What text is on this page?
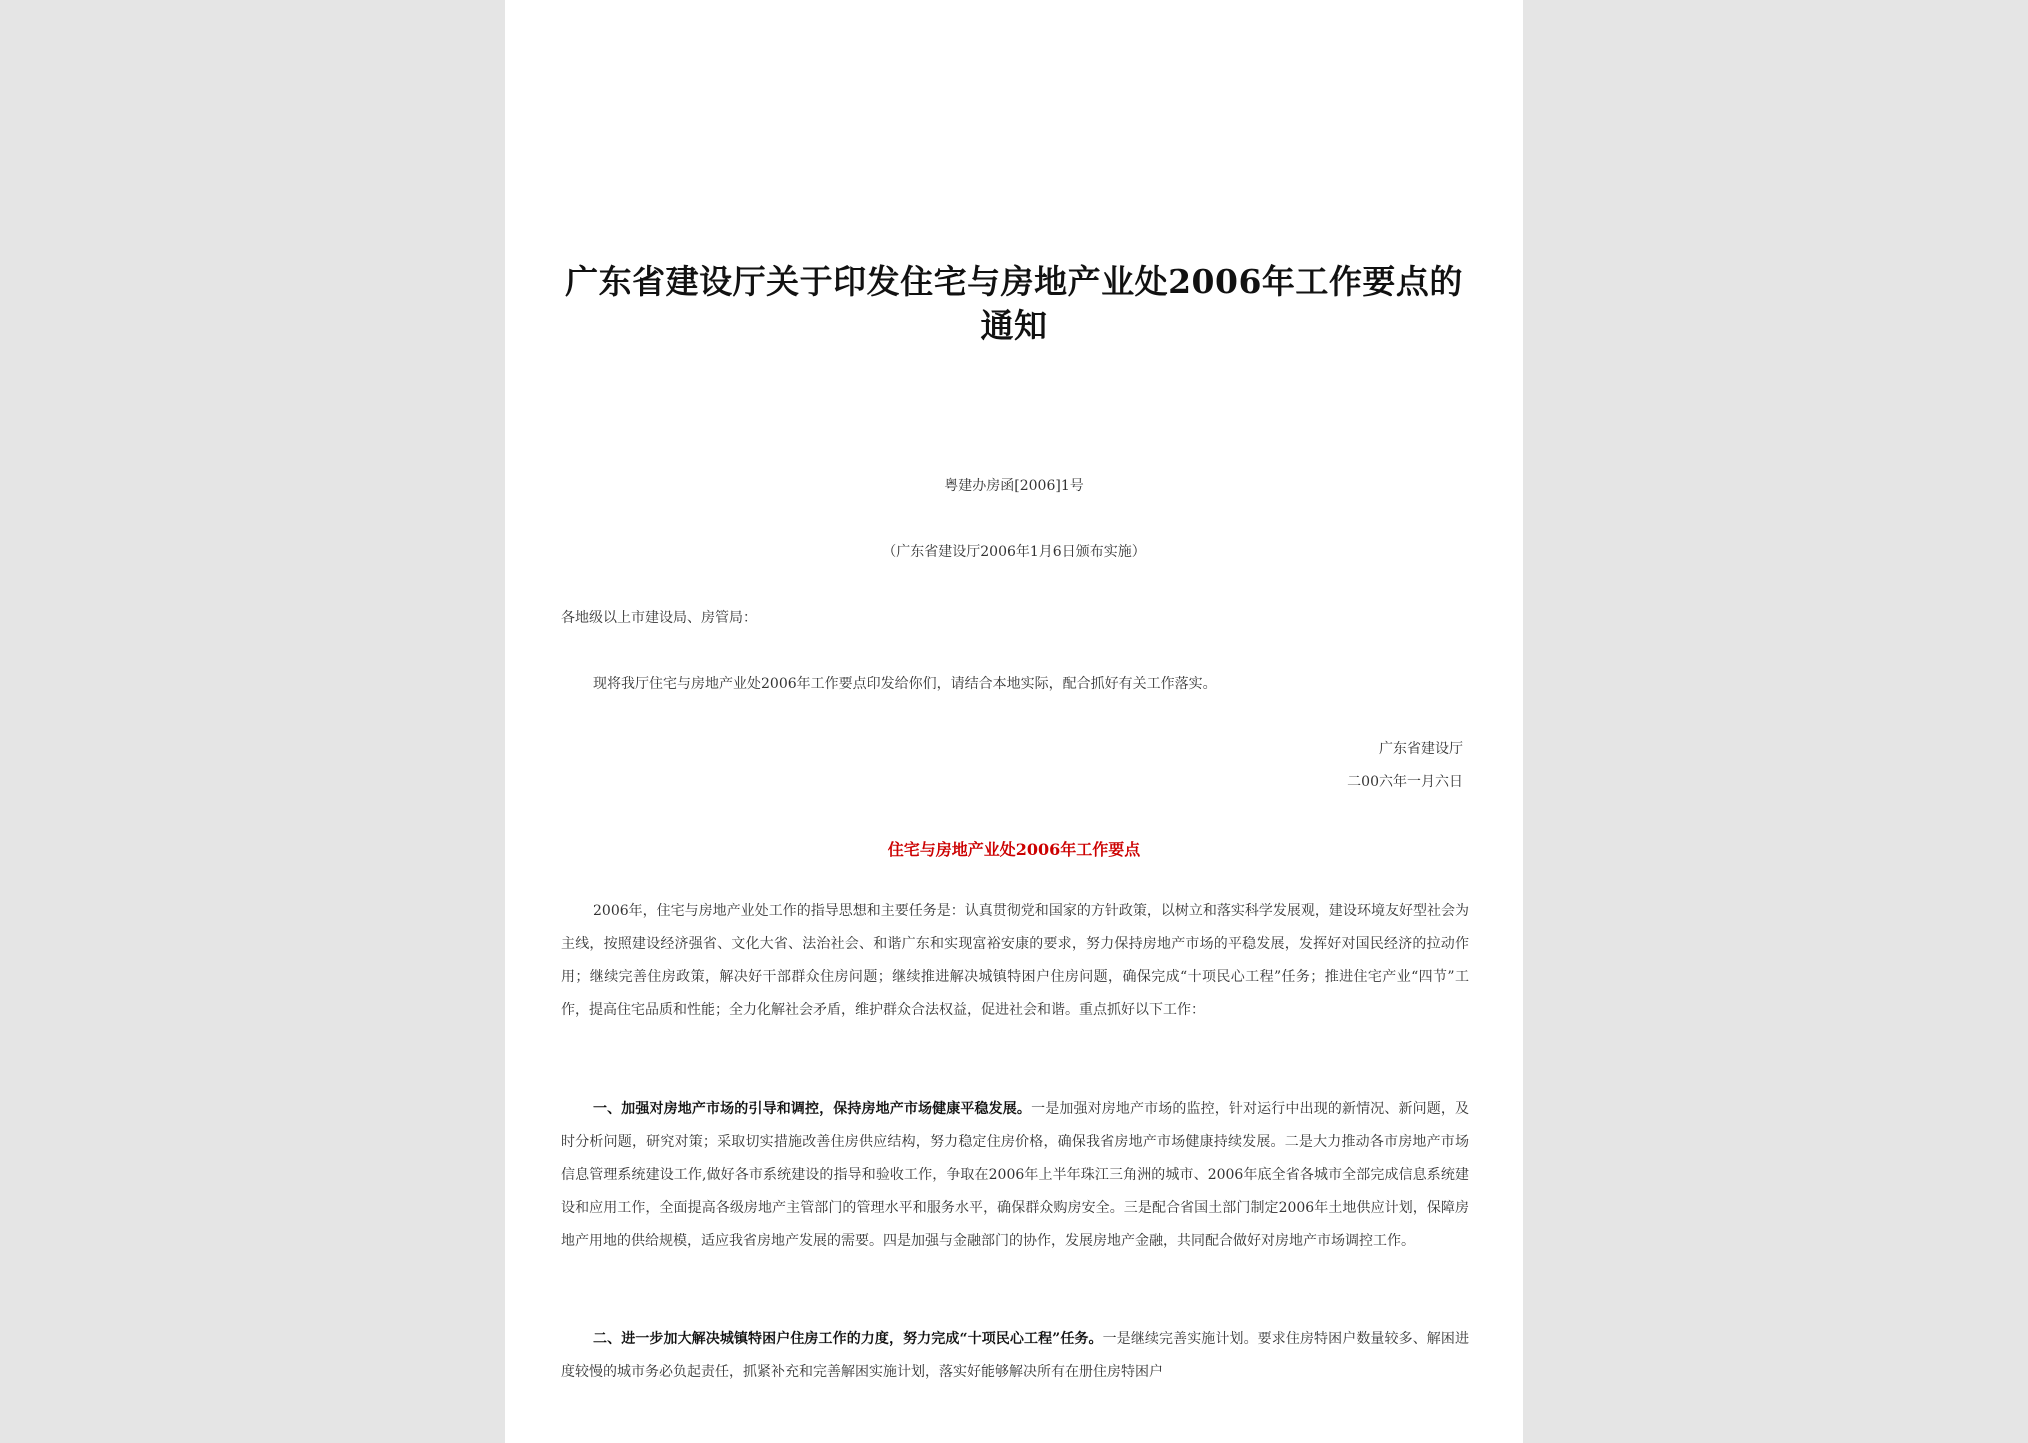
广东省建设厅关于印发住宅与房地产业处2006年工作要点的通知
粤建办房函[2006]1号
（广东省建设厅2006年1月6日颁布实施）
各地级以上市建设局、房管局：
现将我厅住宅与房地产业处2006年工作要点印发给你们，请结合本地实际，配合抓好有关工作落实。
广东省建设厅
二00六年一月六日
住宅与房地产业处2006年工作要点

2006年，住宅与房地产业处工作的指导思想和主要任务是：认真贯彻党和国家的方针政策，以树立和落实科学发展观，建设环境友好型社会为主线，按照建设经济强省、文化大省、法治社会、和谐广东和实现富裕安康的要求，努力保持房地产市场的平稳发展，发挥好对国民经济的拉动作用；继续完善住房政策，解决好干部群众住房问题；继续推进解决城镇特困户住房问题，确保完成“十项民心工程”任务；推进住宅产业“四节”工作，提高住宅品质和性能；全力化解社会矛盾，维护群众合法权益，促进社会和谐。重点抓好以下工作：

一、加强对房地产市场的引导和调控，保持房地产市场健康平稳发展。一是加强对房地产市场的监控，针对运行中出现的新情况、新问题，及时分析问题，研究对策；采取切实措施改善住房供应结构，努力稳定住房价格，确保我省房地产市场健康持续发展。二是大力推动各市房地产市场信息管理系统建设工作,做好各市系统建设的指导和验收工作，争取在2006年上半年珠江三角洲的城市、2006年底全省各城市全部完成信息系统建设和应用工作，全面提高各级房地产主管部门的管理水平和服务水平，确保群众购房安全。三是配合省国土部门制定2006年土地供应计划，保障房地产用地的供给规模，适应我省房地产发展的需要。四是加强与金融部门的协作，发展房地产金融，共同配合做好对房地产市场调控工作。

二、进一步加大解决城镇特困户住房工作的力度，努力完成“十项民心工程”任务。一是继续完善实施计划。要求住房特困户数量较多、解困进度较慢的城市务必负起责任，抓紧补充和完善解困实施计划，落实好能够解决所有在册住房特困户
